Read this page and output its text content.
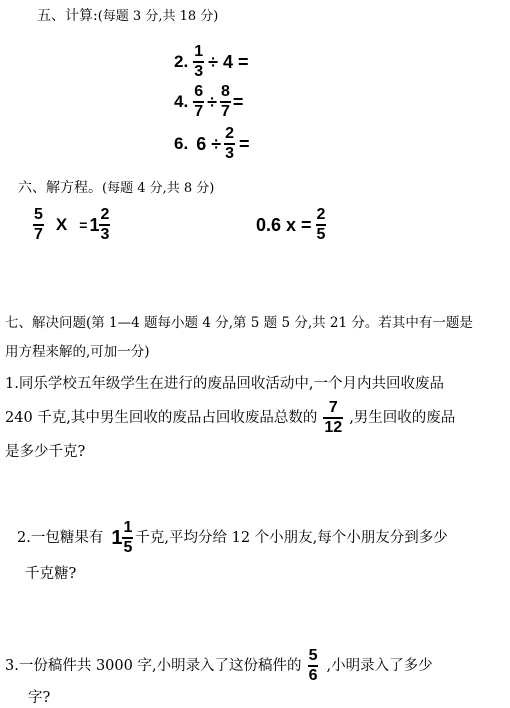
五、计算:(每题 3 分,共 18 分)
2. $\frac{1}{3} \div 4$ =
4. $\frac{6}{7} \div \frac{8}{7}$ =
6. $6 \div \frac{2}{3}$ =
六、解方程。(每题 4 分,共 8 分)
$\frac{5}{7}$ $X = 1 \frac{2}{3}$	0.6 $x = \frac{2}{5}$
七、解决问题(第 1—4 题每小题 4 分,第 5 题 5 分,共 21 分。若其中有一题是
用方程来解的,可加一分)
1.同乐学校五年级学生在进行的废品回收活动中,一个月内共回收废品
240 千克,其中男生回收的废品占回收废品总数的 $\frac{7}{12}$ ,男生回收的废品
是多少千克?
2.一包糖果有 $1 \frac{1}{5}$ 千克,平均分给 12 个小朋友,每个小朋友分到多少
千克糖?
3.一份稿件共 3000 字,小明录入了这份稿件的 $\frac{5}{6}$ ,小明录入了多少
字?
